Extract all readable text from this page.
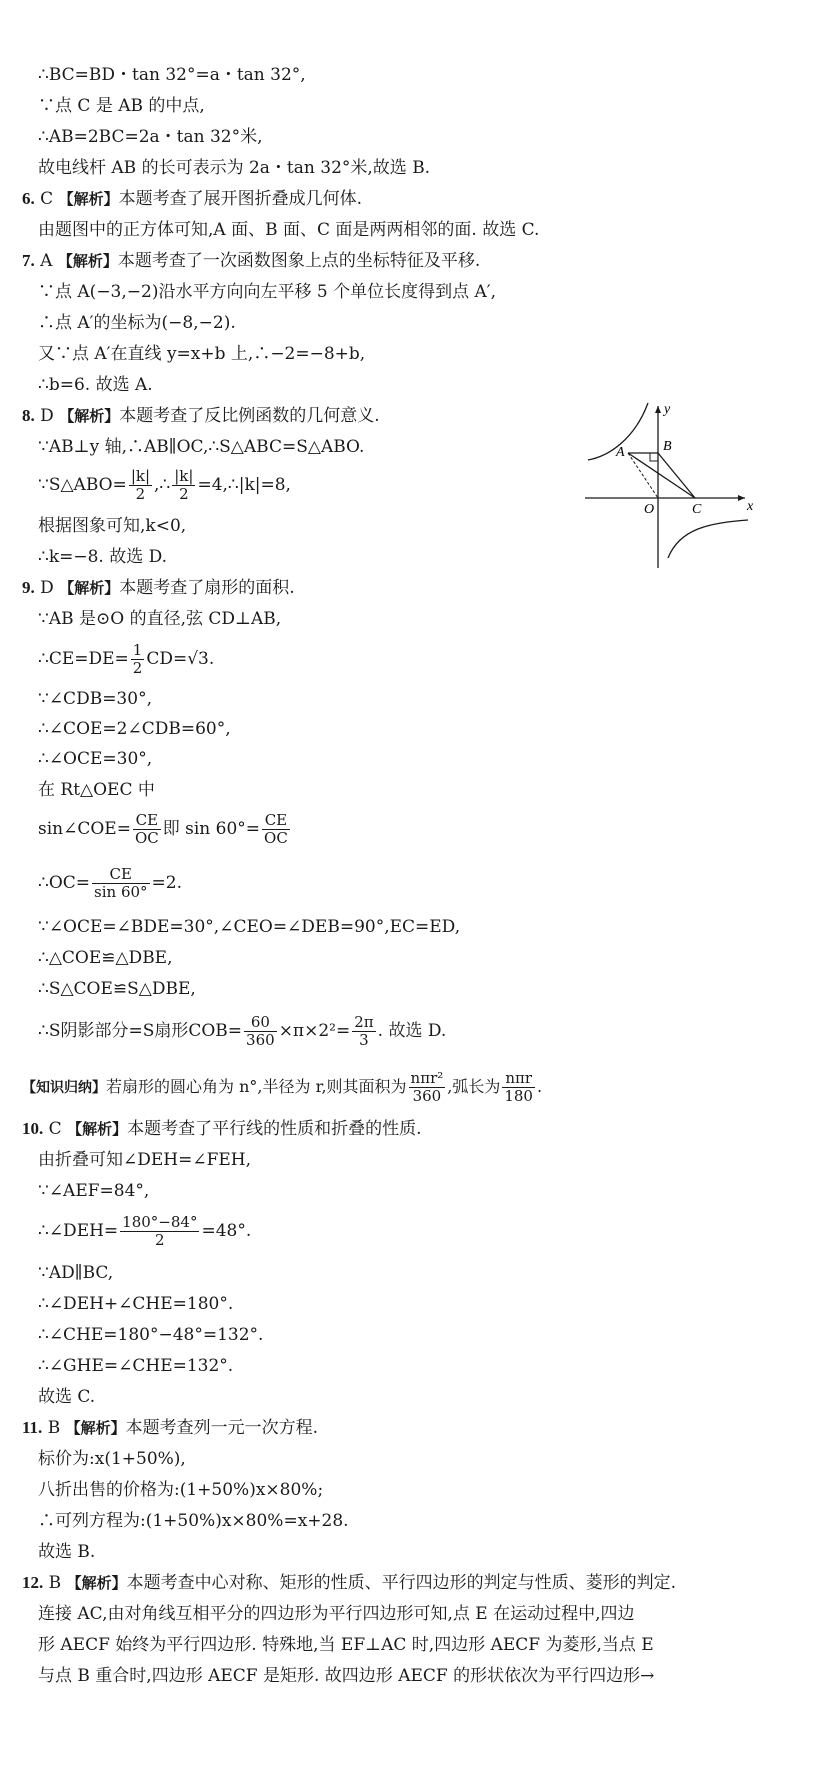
∴BC=BD・tan 32°=a・tan 32°,
∵点 C 是 AB 的中点,
∴AB=2BC=2a・tan 32°米,
故电线杆 AB 的长可表示为 2a・tan 32°米,故选 B.
6. C 【解析】本题考查了展开图折叠成几何体.
由题图中的正方体可知,A 面、B 面、C 面是两两相邻的面. 故选 C.
7. A 【解析】本题考查了一次函数图象上点的坐标特征及平移.
∵点 A(−3,−2)沿水平方向向左平移 5 个单位长度得到点 A′,
∴点 A′的坐标为(−8,−2).
又∵点 A′在直线 y=x+b 上,∴−2=−8+b,
∴b=6. 故选 A.
8. D 【解析】本题考查了反比例函数的几何意义.
∵AB⊥y 轴,∴AB∥OC,∴S△ABC=S△ABO.
∵S△ABO= $\frac{|k|}{2}$ ,∴ $\frac{|k|}{2}$ =4,∴|k|=8,
根据图象可知,k<0,
∴k=−8. 故选 D.
y
x
A	B
O	C
9. D 【解析】本题考查了扇形的面积.
∵AB 是⊙O 的直径,弦 CD⊥AB,
∴CE=DE= $\frac{1}{2} CD=√3$.
∵∠CDB=30°,
∴∠COE=2∠CDB=60°,
∴∠OCE=30°,
在 Rt△OEC 中
sin∠COE= $\frac{CE}{OC}$ 即 $\sin 60^\circ= \frac{CE}{OC}$
∴OC= $\frac{CE}{\sin 60^\circ} =2$.
∵∠OCE=∠BDE=30°,∠CEO=∠DEB=90°,EC=ED,
∴△COE≌△DBE,
∴S△COE≌S△DBE,
∴S阴影部分=S扇形$COB= \frac{60}{360} \times\pi\times 2^2= \frac{2\pi}{3}$ . 故选 D.
【知识归纳】若扇形的圆心角为 n°,半径为 r,则其面积为 $\frac{\text{nπr²}}{360}$ ,弧长为 $\frac{\text{nπr}}{180}$ .
10. C 【解析】本题考查了平行线的性质和折叠的性质.
由折叠可知∠DEH=∠FEH,
∵∠AEF=84°,
∴∠DEH= $\frac{180^\circ-84^\circ}{2} =48^\circ$.
∵AD∥BC,
∴∠DEH+∠CHE=180°.
∴∠CHE=180°−48°=132°.
∴∠GHE=∠CHE=132°.
故选 C.
11. B 【解析】本题考查列一元一次方程.
标价为:x(1+50%),
八折出售的价格为:(1+50%)x×80%;
∴可列方程为:(1+50%)x×80%=x+28.
故选 B.
12. B 【解析】本题考查中心对称、矩形的性质、平行四边形的判定与性质、菱形的判定.
连接 AC,由对角线互相平分的四边形为平行四边形可知,点 E 在运动过程中,四边
形 AECF 始终为平行四边形. 特殊地,当 EF⊥AC 时,四边形 AECF 为菱形,当点 E
与点 B 重合时,四边形 AECF 是矩形. 故四边形 AECF 的形状依次为平行四边形→
